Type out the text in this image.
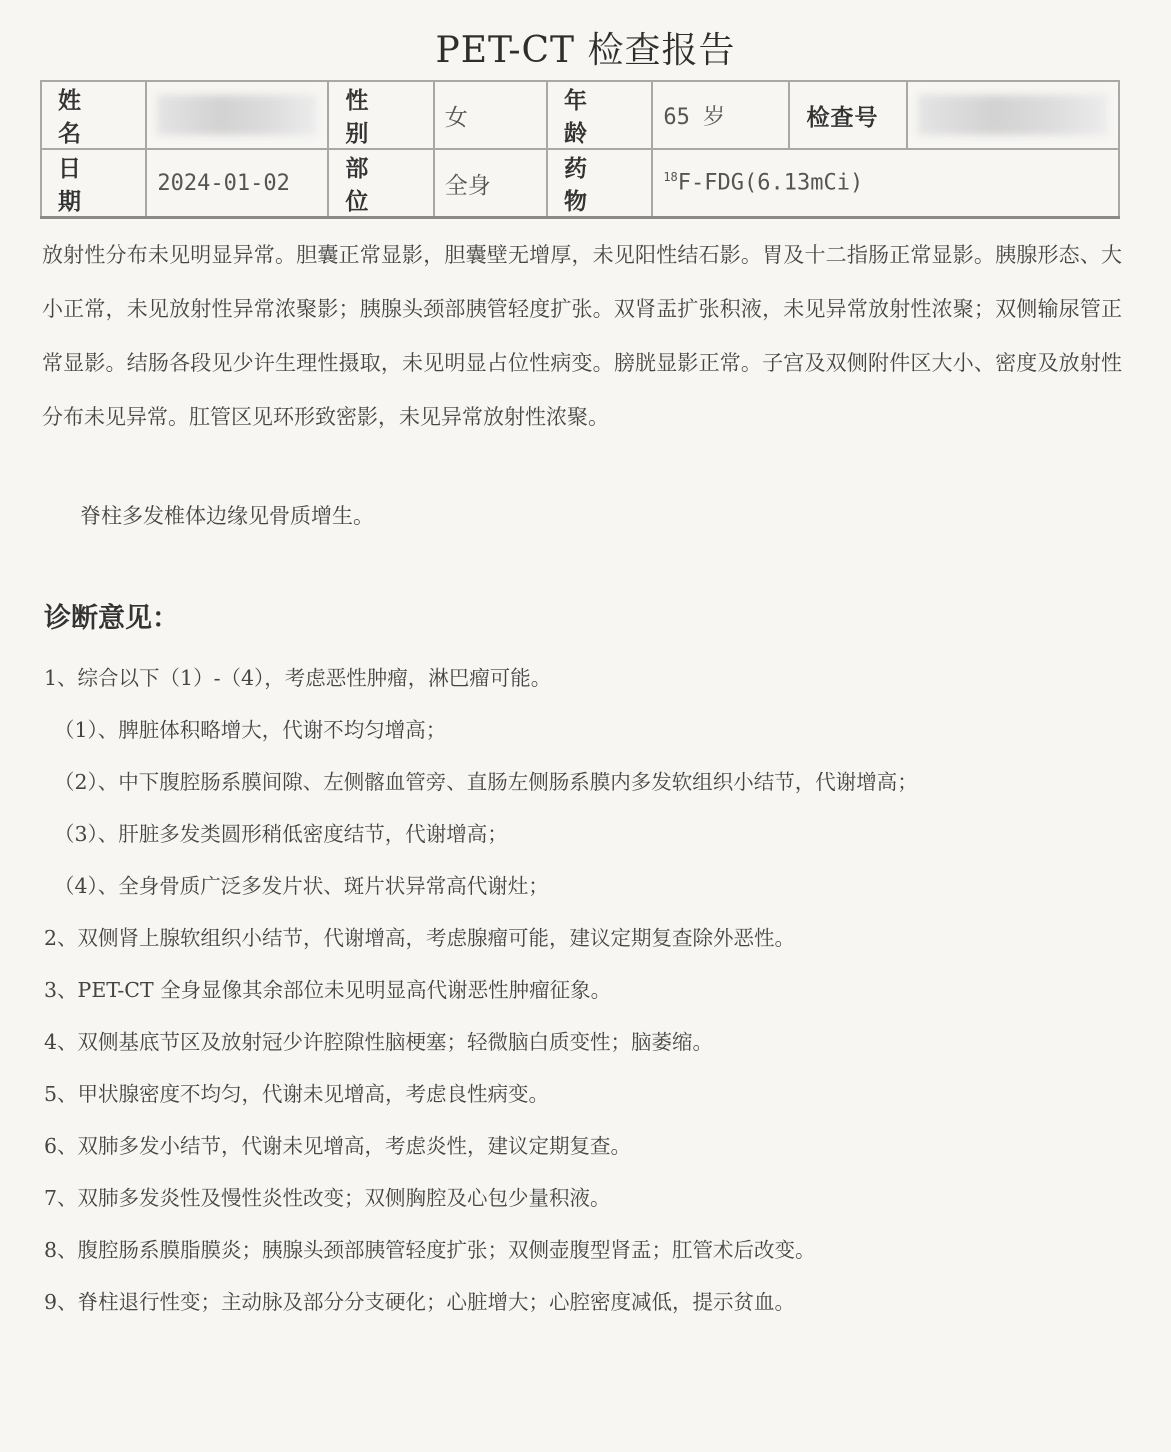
PET-CT 检查报告
姓 名		性 别	女	年 龄	65 岁	检查号	
日 期	2024-01-02	部 位	全身	药 物	$^{18}$F-FDG(6.13mCi)		

放射性分布未见明显异常。胆囊正常显影，胆囊壁无增厚，未见阳性结石影。胃及十二指肠正常显影。胰腺形态、大小正常，未见放射性异常浓聚影；胰腺头颈部胰管轻度扩张。双肾盂扩张积液，未见异常放射性浓聚；双侧输尿管正常显影。结肠各段见少许生理性摄取，未见明显占位性病变。膀胱显影正常。子宫及双侧附件区大小、密度及放射性分布未见异常。肛管区见环形致密影，未见异常放射性浓聚。

脊柱多发椎体边缘见骨质增生。

诊断意见：
1、综合以下（1）-（4），考虑恶性肿瘤，淋巴瘤可能。
（1）、脾脏体积略增大，代谢不均匀增高；
（2）、中下腹腔肠系膜间隙、左侧髂血管旁、直肠左侧肠系膜内多发软组织小结节，代谢增高；
（3）、肝脏多发类圆形稍低密度结节，代谢增高；
（4）、全身骨质广泛多发片状、斑片状异常高代谢灶；
2、双侧肾上腺软组织小结节，代谢增高，考虑腺瘤可能，建议定期复查除外恶性。
3、PET-CT 全身显像其余部位未见明显高代谢恶性肿瘤征象。
4、双侧基底节区及放射冠少许腔隙性脑梗塞；轻微脑白质变性；脑萎缩。
5、甲状腺密度不均匀，代谢未见增高，考虑良性病变。
6、双肺多发小结节，代谢未见增高，考虑炎性，建议定期复查。
7、双肺多发炎性及慢性炎性改变；双侧胸腔及心包少量积液。
8、腹腔肠系膜脂膜炎；胰腺头颈部胰管轻度扩张；双侧壶腹型肾盂；肛管术后改变。
9、脊柱退行性变；主动脉及部分分支硬化；心脏增大；心腔密度减低，提示贫血。
